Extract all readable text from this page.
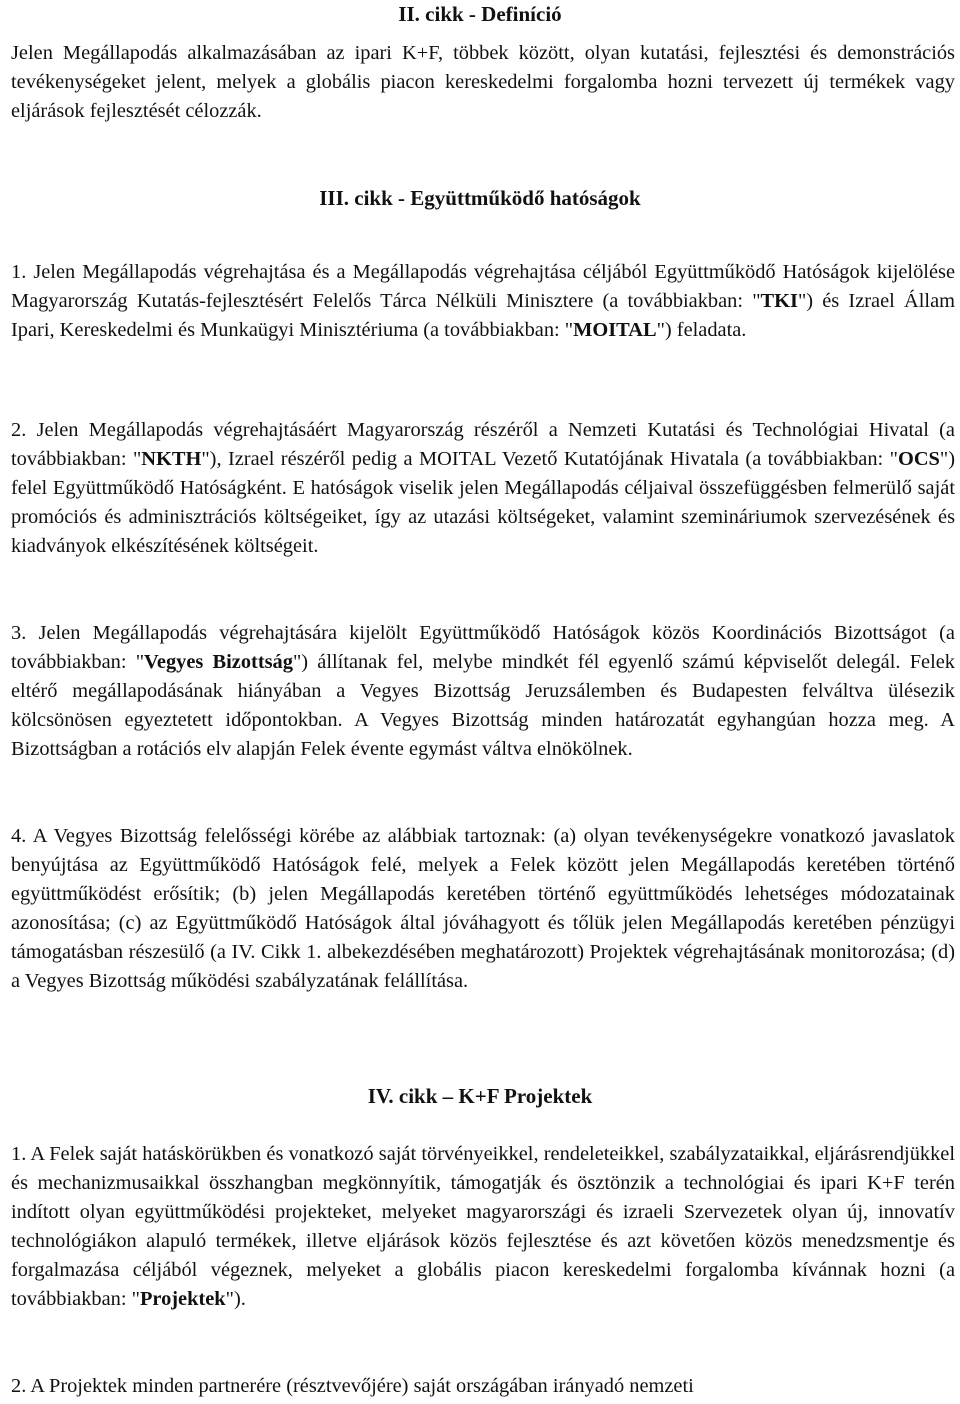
II. cikk - Definíció

Jelen Megállapodás alkalmazásában az ipari K+F, többek között, olyan kutatási, fejlesztési és demonstrációs tevékenységeket jelent, melyek a globális piacon kereskedelmi forgalomba hozni tervezett új termékek vagy eljárások fejlesztését célozzák.

III. cikk - Együttműködő hatóságok

1. Jelen Megállapodás végrehajtása és a Megállapodás végrehajtása céljából Együttműködő Hatóságok kijelölése Magyarország Kutatás-fejlesztésért Felelős Tárca Nélküli Minisztere (a továbbiakban: "TKI") és Izrael Állam Ipari, Kereskedelmi és Munkaügyi Minisztériuma (a továbbiakban: "MOITAL") feladata.

2. Jelen Megállapodás végrehajtásáért Magyarország részéről a Nemzeti Kutatási és Technológiai Hivatal (a továbbiakban: "NKTH"), Izrael részéről pedig a MOITAL Vezető Kutatójának Hivatala (a továbbiakban: "OCS") felel Együttműködő Hatóságként. E hatóságok viselik jelen Megállapodás céljaival összefüggésben felmerülő saját promóciós és adminisztrációs költségeiket, így az utazási költségeket, valamint szemináriumok szervezésének és kiadványok elkészítésének költségeit.

3. Jelen Megállapodás végrehajtására kijelölt Együttműködő Hatóságok közös Koordinációs Bizottságot (a továbbiakban: "Vegyes Bizottság") állítanak fel, melybe mindkét fél egyenlő számú képviselőt delegál. Felek eltérő megállapodásának hiányában a Vegyes Bizottság Jeruzsálemben és Budapesten felváltva ülésezik kölcsönösen egyeztetett időpontokban. A Vegyes Bizottság minden határozatát egyhangúan hozza meg. A Bizottságban a rotációs elv alapján Felek évente egymást váltva elnökölnek.

4. A Vegyes Bizottság felelősségi körébe az alábbiak tartoznak: (a) olyan tevékenységekre vonatkozó javaslatok benyújtása az Együttműködő Hatóságok felé, melyek a Felek között jelen Megállapodás keretében történő együttműködést erősítik; (b) jelen Megállapodás keretében történő együttműködés lehetséges módozatainak azonosítása; (c) az Együttműködő Hatóságok által jóváhagyott és tőlük jelen Megállapodás keretében pénzügyi támogatásban részesülő (a IV. Cikk 1. albekezdésében meghatározott) Projektek végrehajtásának monitorozása; (d) a Vegyes Bizottság működési szabályzatának felállítása.

IV. cikk – K+F Projektek

1. A Felek saját hatáskörükben és vonatkozó saját törvényeikkel, rendeleteikkel, szabályzataikkal, eljárásrendjükkel és mechanizmusaikkal összhangban megkönnyítik, támogatják és ösztönzik a technológiai és ipari K+F terén indított olyan együttműködési projekteket, melyeket magyarországi és izraeli Szervezetek olyan új, innovatív technológiákon alapuló termékek, illetve eljárások közös fejlesztése és azt követően közös menedzsmentje és forgalmazása céljából végeznek, melyeket a globális piacon kereskedelmi forgalomba kívánnak hozni (a továbbiakban: "Projektek").

2. A Projektek minden partnerére (résztvevőjére) saját országában irányadó nemzeti
